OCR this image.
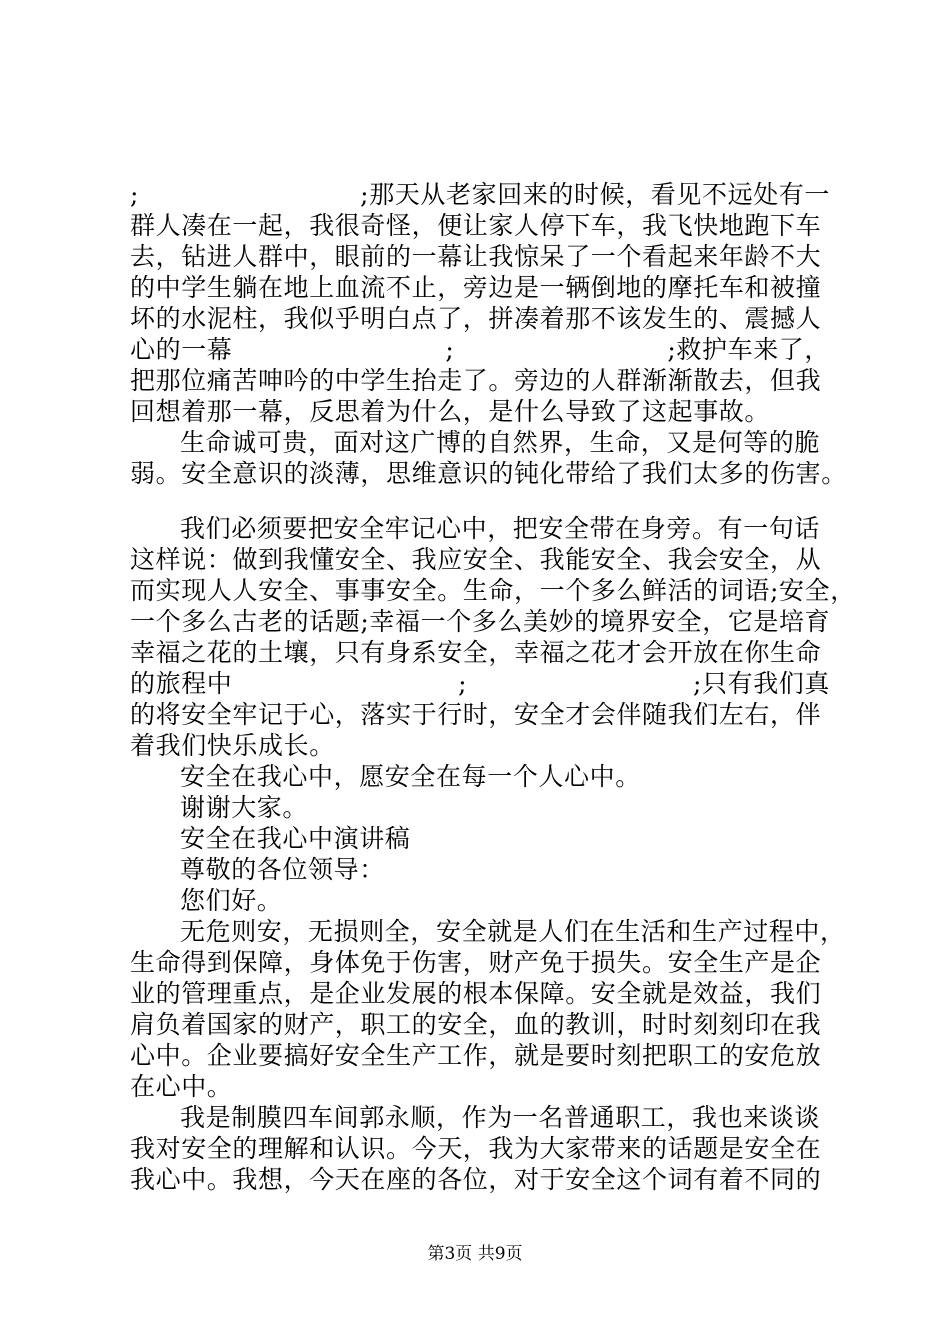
;	;那天从老家回来的时候，看见不远处有一
群人凑在一起，我很奇怪，便让家人停下车，我飞快地跑下车
去，钻进人群中，眼前的一幕让我惊呆了一个看起来年龄不大
的中学生躺在地上血流不止，旁边是一辆倒地的摩托车和被撞
坏的水泥柱，我似乎明白点了，拼凑着那不该发生的、震撼人
心的一幕	;	;救护车来了，
把那位痛苦呻吟的中学生抬走了。旁边的人群渐渐散去，但我
回想着那一幕，反思着为什么，是什么导致了这起事故。
生命诚可贵，面对这广博的自然界，生命，又是何等的脆
弱。安全意识的淡薄，思维意识的钝化带给了我们太多的伤害。
我们必须要把安全牢记心中，把安全带在身旁。有一句话
这样说：做到我懂安全、我应安全、我能安全、我会安全，从
而实现人人安全、事事安全。生命，一个多么鲜活的词语;安全，
一个多么古老的话题;幸福一个多么美妙的境界安全，它是培育
幸福之花的土壤，只有身系安全，幸福之花才会开放在你生命
的旅程中	;	;只有我们真
的将安全牢记于心，落实于行时，安全才会伴随我们左右，伴
着我们快乐成长。
安全在我心中，愿安全在每一个人心中。
谢谢大家。
安全在我心中演讲稿
尊敬的各位领导：
您们好。
无危则安，无损则全，安全就是人们在生活和生产过程中，
生命得到保障，身体免于伤害，财产免于损失。安全生产是企
业的管理重点，是企业发展的根本保障。安全就是效益，我们
肩负着国家的财产，职工的安全，血的教训，时时刻刻印在我
心中。企业要搞好安全生产工作，就是要时刻把职工的安危放
在心中。
我是制膜四车间郭永顺，作为一名普通职工，我也来谈谈
我对安全的理解和认识。今天，我为大家带来的话题是安全在
我心中。我想，今天在座的各位，对于安全这个词有着不同的
第3页 共9页
